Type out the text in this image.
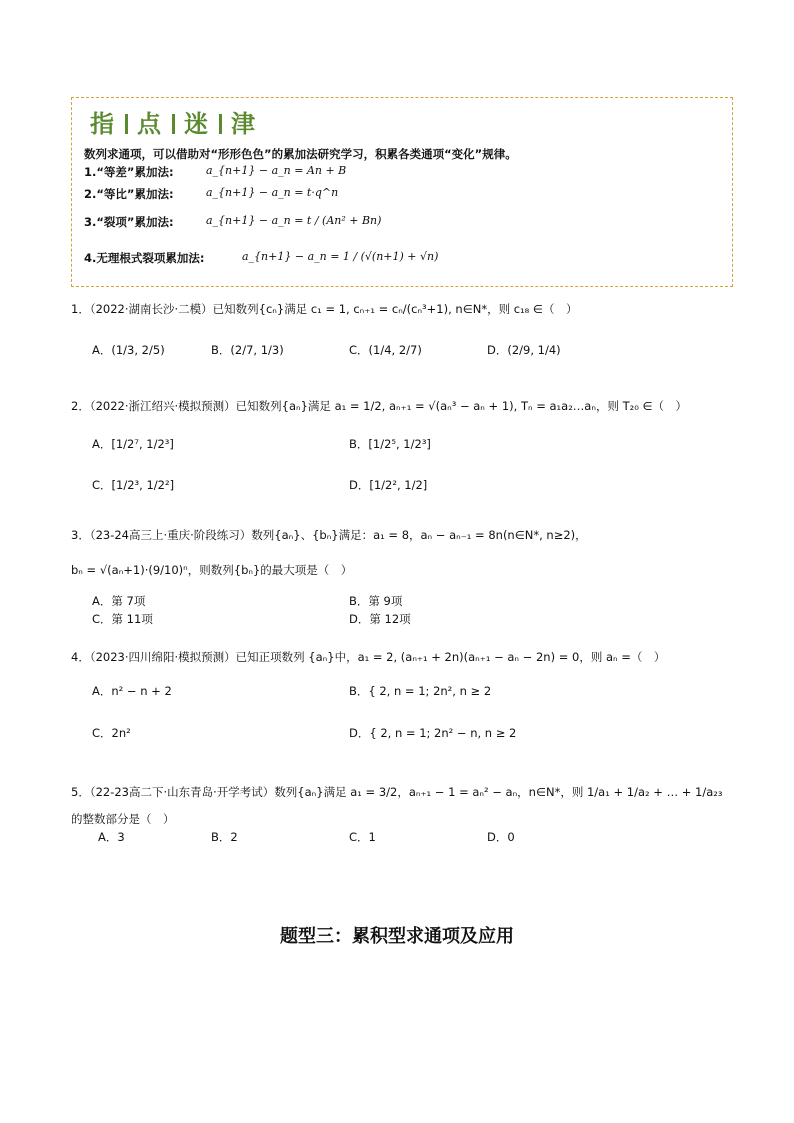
指 点 迷 津
数列求通项，可以借助对“形形色色”的累加法研究学习，积累各类通项“变化”规律。
1.“等差”累加法:	a_{n+1} − a_n = An + B
2.“等比”累加法:	a_{n+1} − a_n = t·q^n
3.“裂项”累加法:	a_{n+1} − a_n = t / (An² + Bn)
4.无理根式裂项累加法:	a_{n+1} − a_n = 1 / (√(n+1) + √n)
1．（2022·湖南长沙·二模）已知数列{cₙ}满足 c₁ = 1, cₙ₊₁ = cₙ/(cₙ³+1), n∈N*，则 c₁₈ ∈（　）
A．(1/3, 2/5)	B．(2/7, 1/3)	C．(1/4, 2/7)	D．(2/9, 1/4)
2．（2022·浙江绍兴·模拟预测）已知数列{aₙ}满足 a₁ = 1/2, aₙ₊₁ = √(aₙ³ − aₙ + 1), Tₙ = a₁a₂…aₙ，则 T₂₀ ∈（　）
A．[1/2⁷, 1/2³]	B．[1/2⁵, 1/2³]
C．[1/2³, 1/2²]	D．[1/2², 1/2]
3．（23-24高三上·重庆·阶段练习）数列{aₙ}、{bₙ}满足：a₁ = 8，aₙ − aₙ₋₁ = 8n(n∈N*, n≥2)，
bₙ = √(aₙ+1)·(9/10)ⁿ，则数列{bₙ}的最大项是（　）
A．第 7项	B．第 9项
C．第 11项	D．第 12项
4．（2023·四川绵阳·模拟预测）已知正项数列 {aₙ}中，a₁ = 2, (aₙ₊₁ + 2n)(aₙ₊₁ − aₙ − 2n) = 0，则 aₙ =（　）
A．n² − n + 2	B．{ 2, n = 1; 2n², n ≥ 2
C．2n²	D．{ 2, n = 1; 2n² − n, n ≥ 2
5．（22-23高二下·山东青岛·开学考试）数列{aₙ}满足 a₁ = 3/2，aₙ₊₁ − 1 = aₙ² − aₙ，n∈N*，则 1/a₁ + 1/a₂ + … + 1/a₂₃
的整数部分是（　）
A．3	B．2	C．1	D．0
题型三：累积型求通项及应用
